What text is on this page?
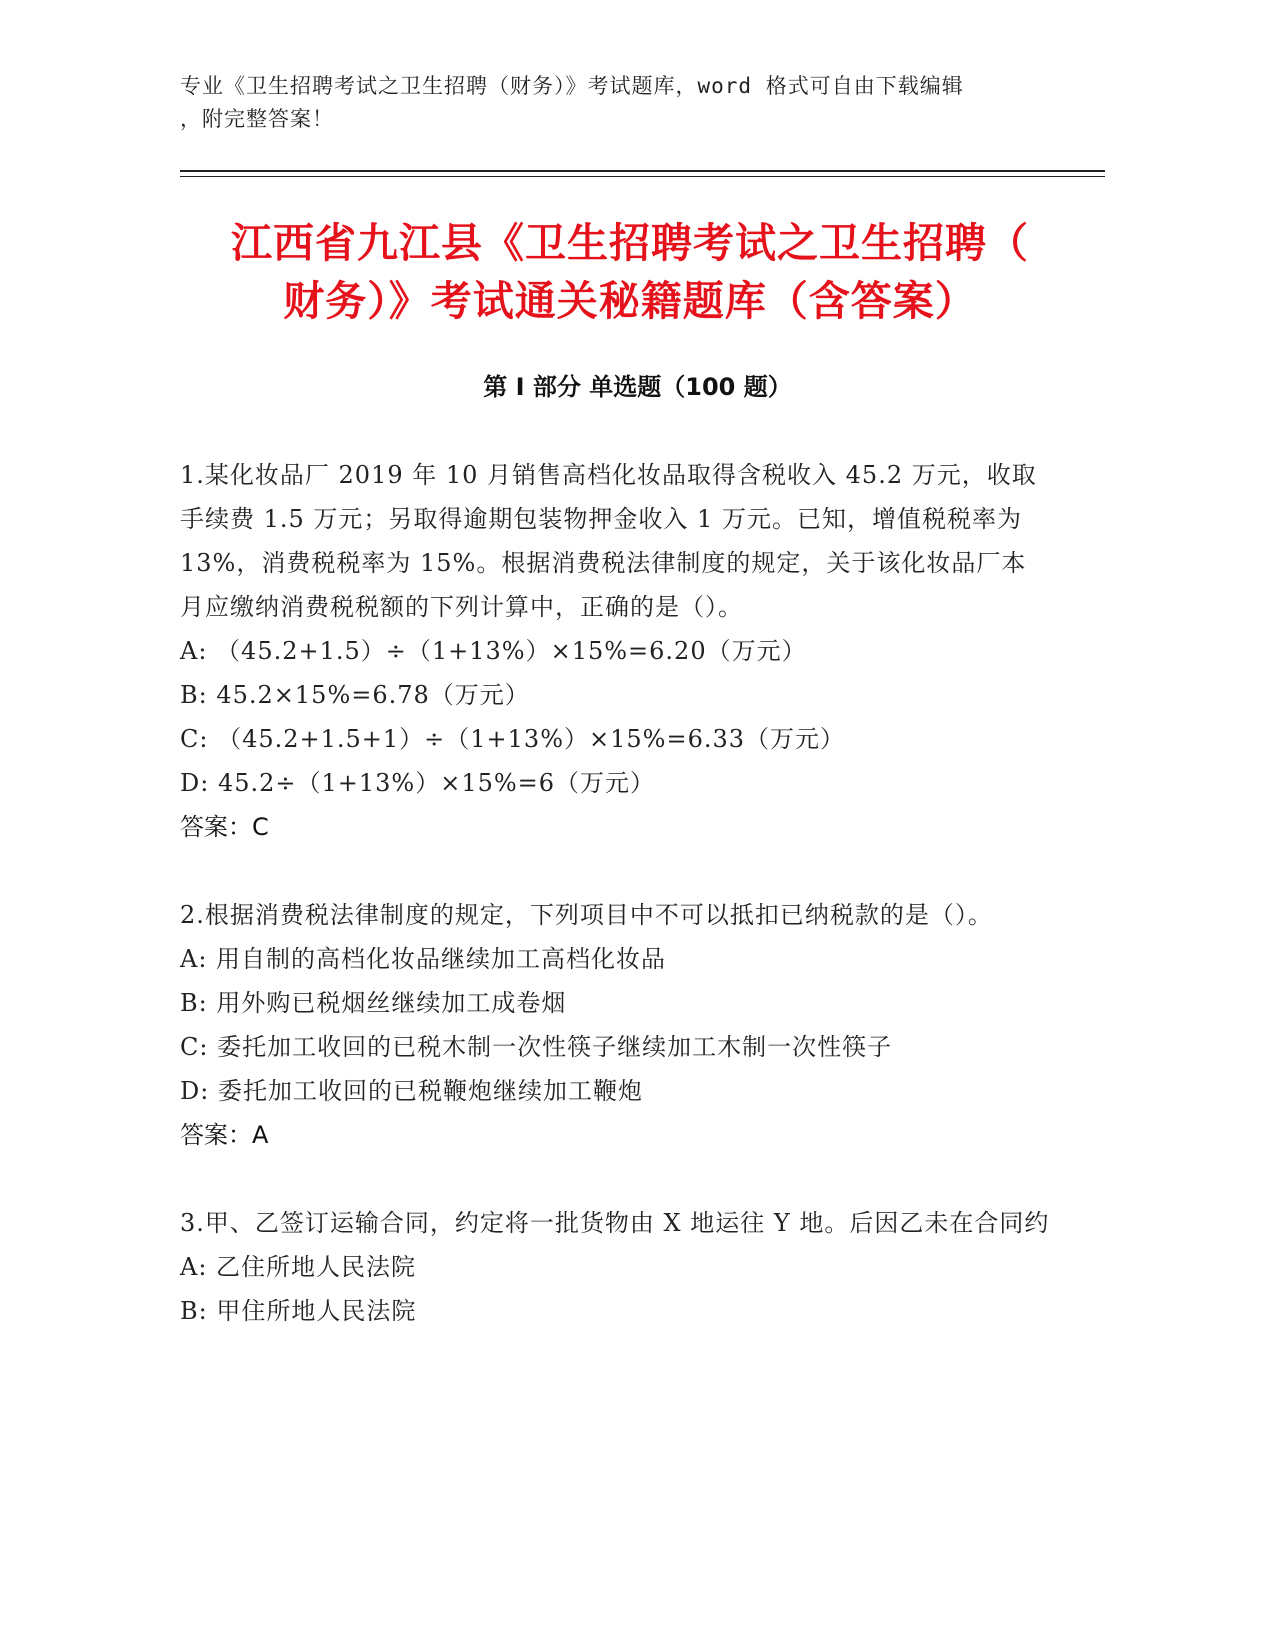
专业《卫生招聘考试之卫生招聘（财务）》考试题库，word 格式可自由下载编辑
，附完整答案！
江西省九江县《卫生招聘考试之卫生招聘（
财务）》考试通关秘籍题库（含答案）
第 I 部分 单选题（100 题）
1.某化妆品厂 2019 年 10 月销售高档化妆品取得含税收入 45.2 万元，收取手续费 1.5 万元；另取得逾期包装物押金收入 1 万元。已知，增值税税率为 13%，消费税税率为 15%。根据消费税法律制度的规定，关于该化妆品厂本月应缴纳消费税税额的下列计算中，正确的是（）。
A: （45.2+1.5）÷（1+13%）×15%=6.20（万元）
B: 45.2×15%=6.78（万元）
C: （45.2+1.5+1）÷（1+13%）×15%=6.33（万元）
D: 45.2÷（1+13%）×15%=6（万元）
答案：C
2.根据消费税法律制度的规定，下列项目中不可以抵扣已纳税款的是（）。
A: 用自制的高档化妆品继续加工高档化妆品
B: 用外购已税烟丝继续加工成卷烟
C: 委托加工收回的已税木制一次性筷子继续加工木制一次性筷子
D: 委托加工收回的已税鞭炮继续加工鞭炮
答案：A
3.甲、乙签订运输合同，约定将一批货物由 X 地运往 Y 地。后因乙未在合同约
A: 乙住所地人民法院
B: 甲住所地人民法院
